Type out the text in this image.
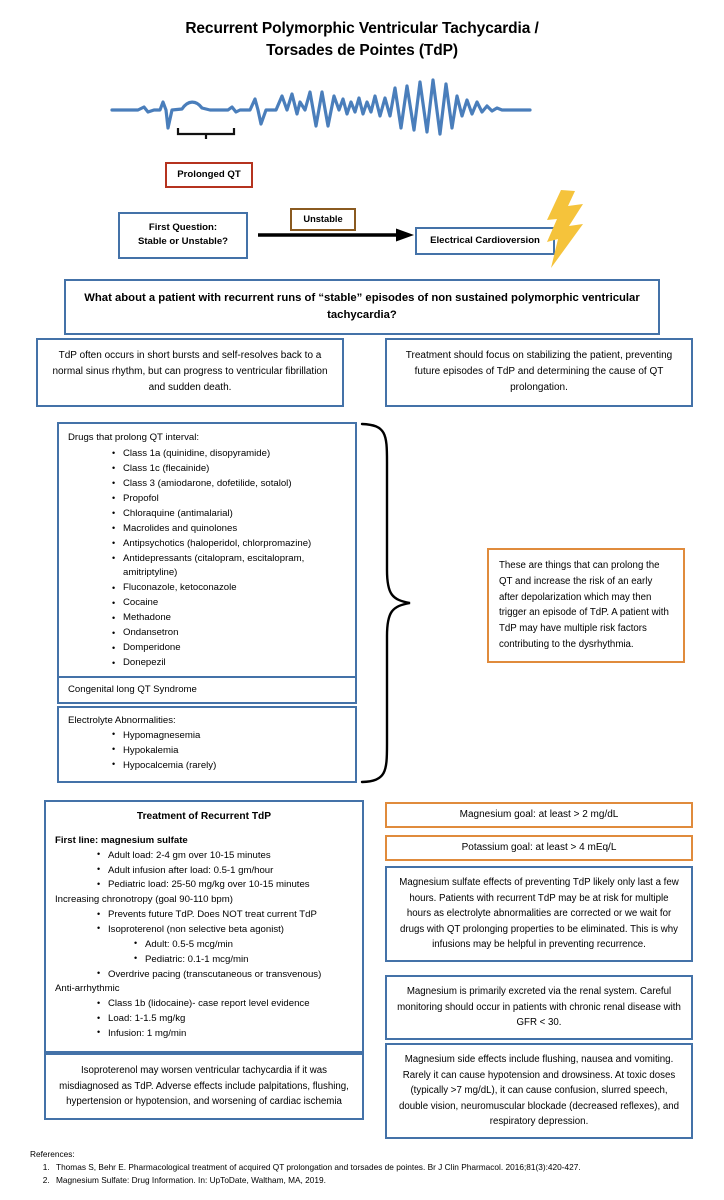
Recurrent Polymorphic Ventricular Tachycardia /
Torsades de Pointes (TdP)
Prolonged QT
First Question:
Stable or Unstable?
Unstable
Electrical Cardioversion
What about a patient with recurrent runs of “stable” episodes of non sustained polymorphic ventricular tachycardia?
TdP often occurs in short bursts and self-resolves back to a normal sinus rhythm, but can progress to ventricular fibrillation and sudden death.
Treatment should focus on stabilizing the patient, preventing future episodes of TdP and determining the cause of QT prolongation.
Drugs that prolong QT interval:
• Class 1a (quinidine, disopyramide)
• Class 1c (flecainide)
• Class 3 (amiodarone, dofetilide, sotalol)
• Propofol
• Chloraquine (antimalarial)
• Macrolides and quinolones
• Antipsychotics (haloperidol, chlorpromazine)
• Antidepressants (citalopram, escitalopram, amitriptyline)
• Fluconazole, ketoconazole
• Cocaine
• Methadone
• Ondansetron
• Domperidone
• Donepezil
Congenital long QT Syndrome
Electrolyte Abnormalities:
• Hypomagnesemia
• Hypokalemia
• Hypocalcemia (rarely)
These are things that can prolong the QT and increase the risk of an early after depolarization which may then trigger an episode of TdP. A patient with TdP may have multiple risk factors contributing to the dysrhythmia.
Treatment of Recurrent TdP
First line: magnesium sulfate
• Adult load: 2-4 gm over 10-15 minutes
• Adult infusion after load: 0.5-1 gm/hour
• Pediatric load: 25-50 mg/kg over 10-15 minutes
Increasing chronotropy (goal 90-110 bpm)
• Prevents future TdP. Does NOT treat current TdP
• Isoproterenol (non selective beta agonist)
• Adult: 0.5-5 mcg/min
• Pediatric: 0.1-1 mcg/min
• Overdrive pacing (transcutaneous or transvenous)
Anti-arrhythmic
• Class 1b (lidocaine)- case report level evidence
• Load: 1-1.5 mg/kg
• Infusion: 1 mg/min
Isoproterenol may worsen ventricular tachycardia if it was misdiagnosed as TdP. Adverse effects include palpitations, flushing, hypertension or hypotension, and worsening of cardiac ischemia
Magnesium goal: at least > 2 mg/dL
Potassium goal: at least > 4 mEq/L
Magnesium sulfate effects of preventing TdP likely only last a few hours. Patients with recurrent TdP may be at risk for multiple hours as electrolyte abnormalities are corrected or we wait for drugs with QT prolonging properties to be eliminated. This is why infusions may be helpful in preventing recurrence.
Magnesium is primarily excreted via the renal system. Careful monitoring should occur in patients with chronic renal disease with GFR < 30.
Magnesium side effects include flushing, nausea and vomiting. Rarely it can cause hypotension and drowsiness. At toxic doses (typically >7 mg/dL), it can cause confusion, slurred speech, double vision, neuromuscular blockade (decreased reflexes), and respiratory depression.
References:
1. Thomas S, Behr E. Pharmacological treatment of acquired QT prolongation and torsades de pointes. Br J Clin Pharmacol. 2016;81(3):420-427.
2. Magnesium Sulfate: Drug Information. In: UpToDate, Waltham, MA, 2019.
